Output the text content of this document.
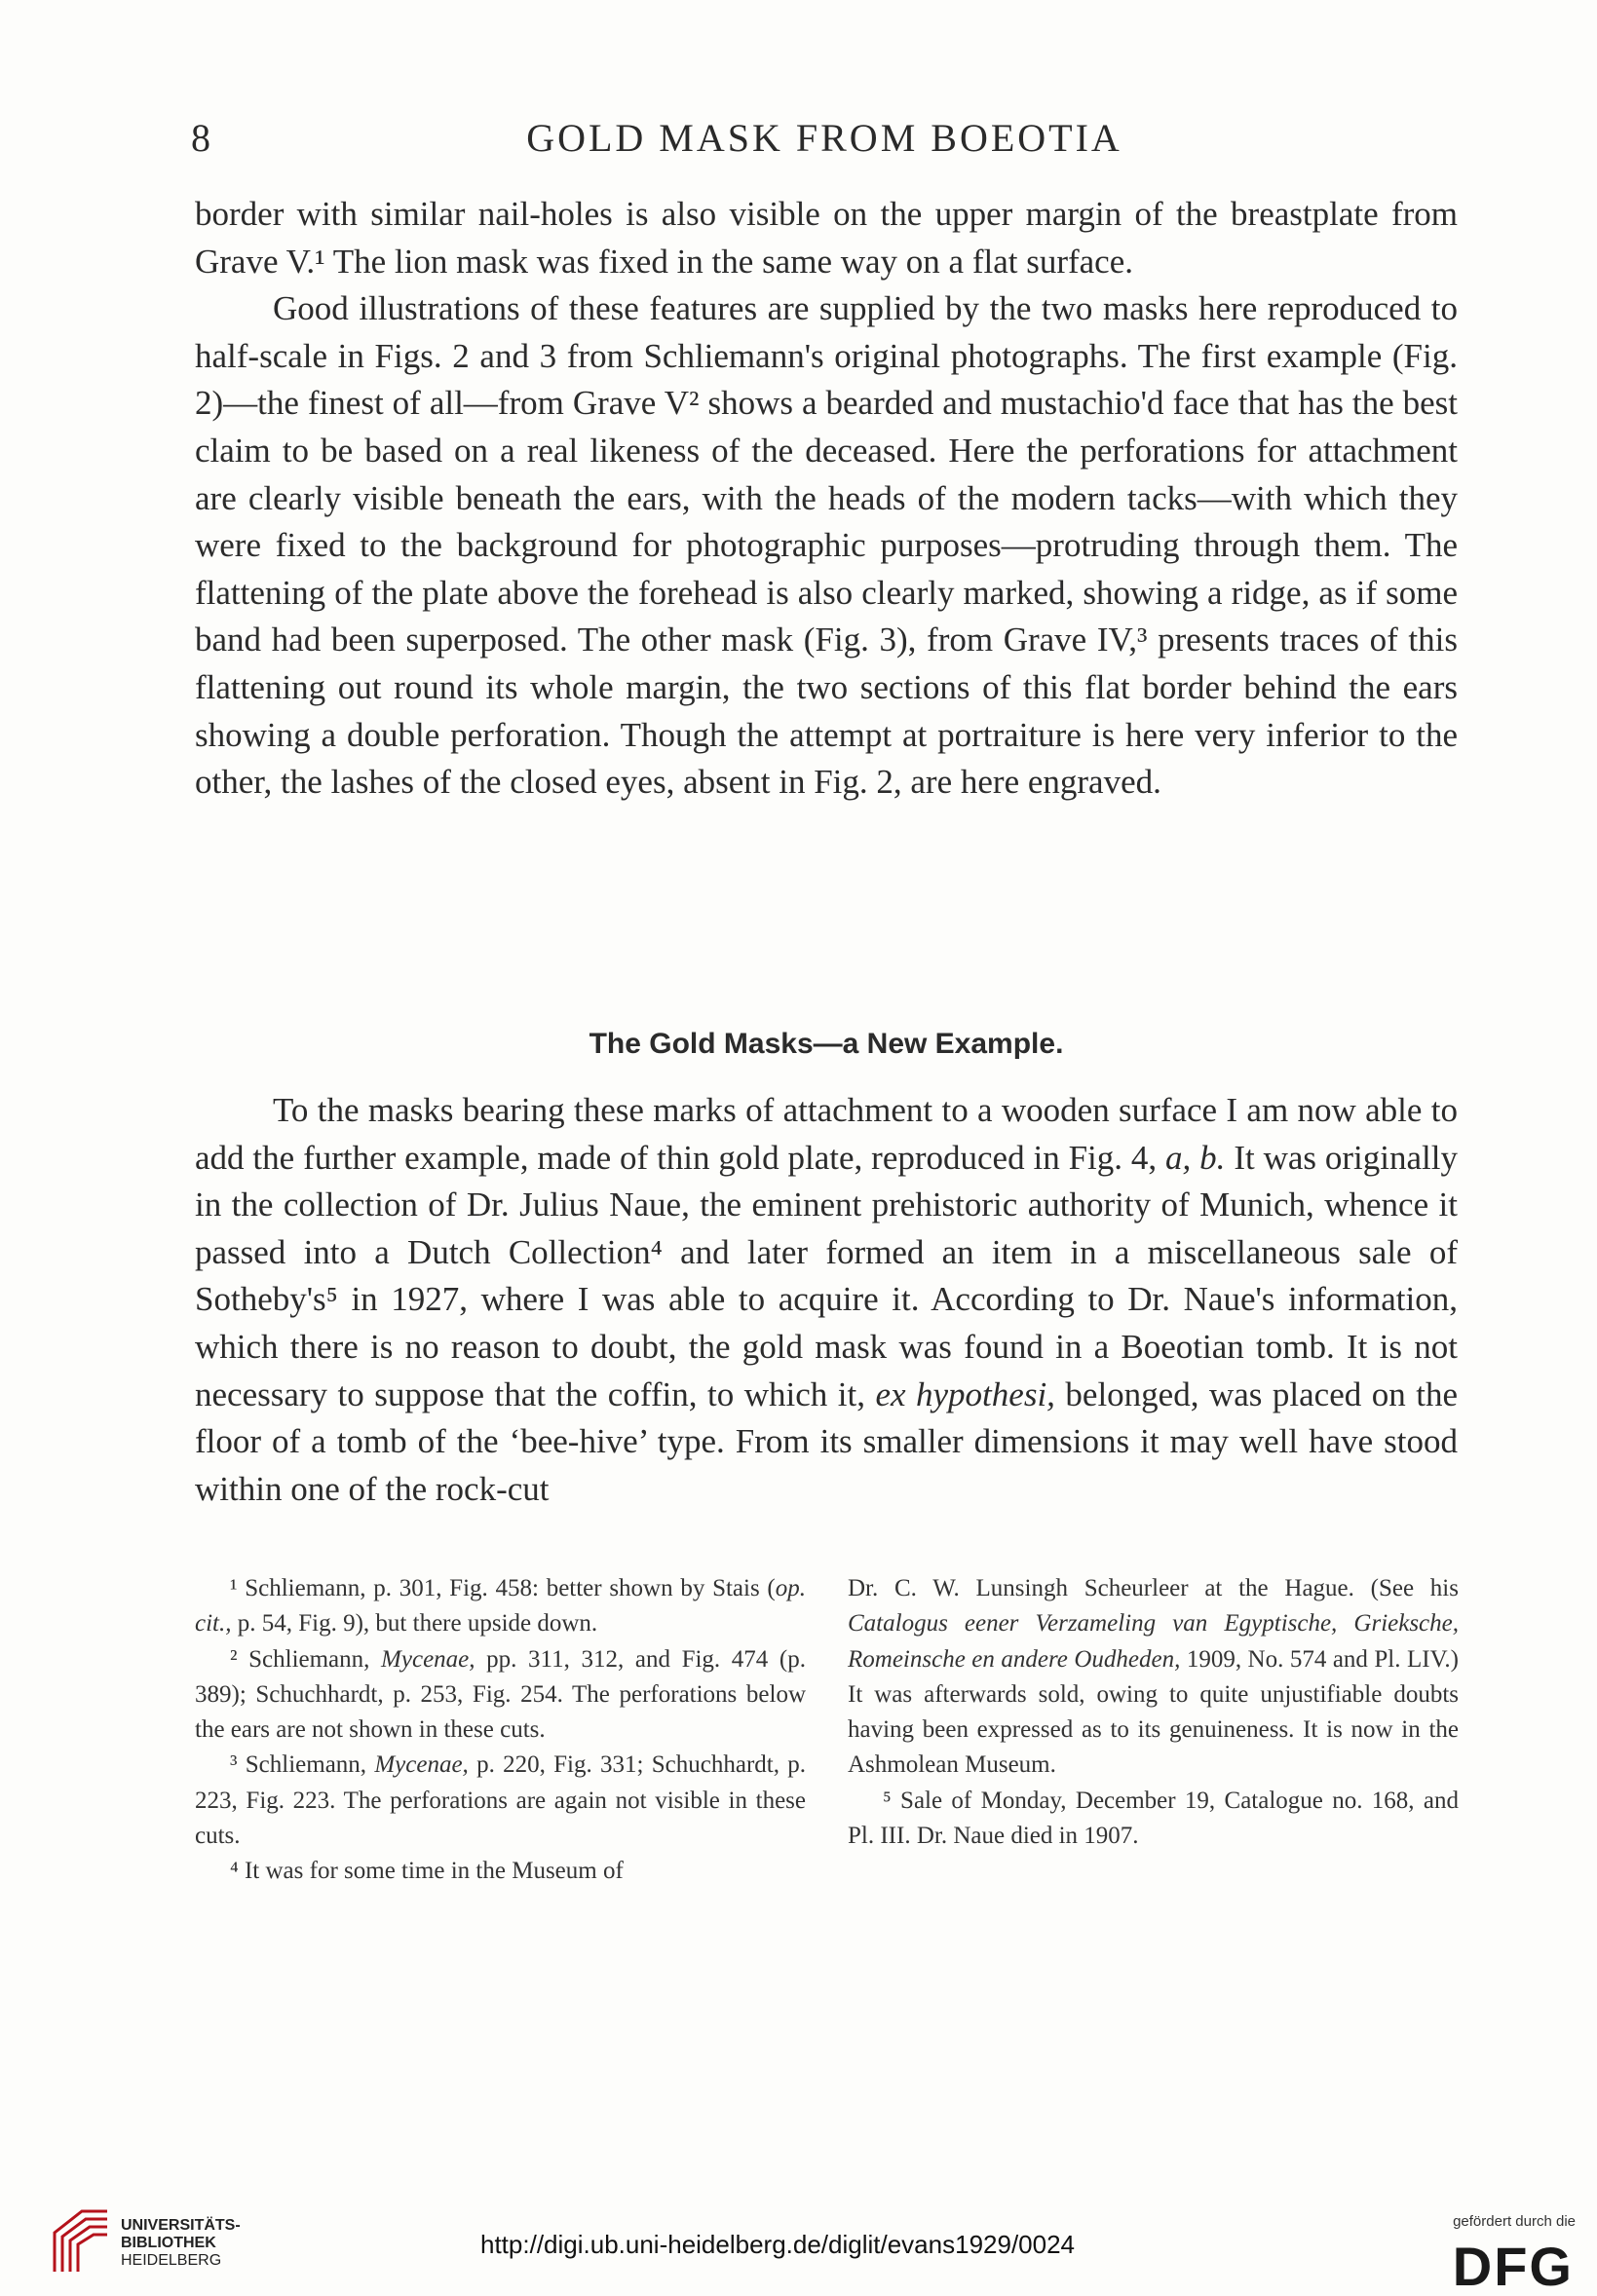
8	GOLD MASK FROM BOEOTIA

border with similar nail-holes is also visible on the upper margin of the breastplate from Grave V.¹ The lion mask was fixed in the same way on a flat surface.

Good illustrations of these features are supplied by the two masks here reproduced to half-scale in Figs. 2 and 3 from Schliemann's original photographs. The first example (Fig. 2)—the finest of all—from Grave V² shows a bearded and mustachio'd face that has the best claim to be based on a real likeness of the deceased. Here the perforations for attachment are clearly visible beneath the ears, with the heads of the modern tacks—with which they were fixed to the background for photographic purposes—protruding through them. The flattening of the plate above the forehead is also clearly marked, showing a ridge, as if some band had been superposed. The other mask (Fig. 3), from Grave IV,³ presents traces of this flattening out round its whole margin, the two sections of this flat border behind the ears showing a double perforation. Though the attempt at portraiture is here very inferior to the other, the lashes of the closed eyes, absent in Fig. 2, are here engraved.

The Gold Masks—a New Example.

To the masks bearing these marks of attachment to a wooden surface I am now able to add the further example, made of thin gold plate, reproduced in Fig. 4, a, b. It was originally in the collection of Dr. Julius Naue, the eminent prehistoric authority of Munich, whence it passed into a Dutch Collection⁴ and later formed an item in a miscellaneous sale of Sotheby's⁵ in 1927, where I was able to acquire it. According to Dr. Naue's information, which there is no reason to doubt, the gold mask was found in a Boeotian tomb. It is not necessary to suppose that the coffin, to which it, ex hypothesi, belonged, was placed on the floor of a tomb of the ‘bee-hive’ type. From its smaller dimensions it may well have stood within one of the rock-cut

¹ Schliemann, p. 301, Fig. 458: better shown by Stais (op. cit., p. 54, Fig. 9), but there upside down.

² Schliemann, Mycenae, pp. 311, 312, and Fig. 474 (p. 389); Schuchhardt, p. 253, Fig. 254. The perforations below the ears are not shown in these cuts.

³ Schliemann, Mycenae, p. 220, Fig. 331; Schuchhardt, p. 223, Fig. 223. The perforations are again not visible in these cuts.

⁴ It was for some time in the Museum of

Dr. C. W. Lunsingh Scheurleer at the Hague. (See his Catalogus eener Verzameling van Egyptische, Grieksche, Romeinsche en andere Oudheden, 1909, No. 574 and Pl. LIV.) It was afterwards sold, owing to quite unjustifiable doubts having been expressed as to its genuineness. It is now in the Ashmolean Museum.

⁵ Sale of Monday, December 19, Catalogue no. 168, and Pl. III. Dr. Naue died in 1907.

UNIVERSITÄTS-
BIBLIOTHEK
HEIDELBERG
http://digi.ub.uni-heidelberg.de/diglit/evans1929/0024
gefördert durch die
DFG
